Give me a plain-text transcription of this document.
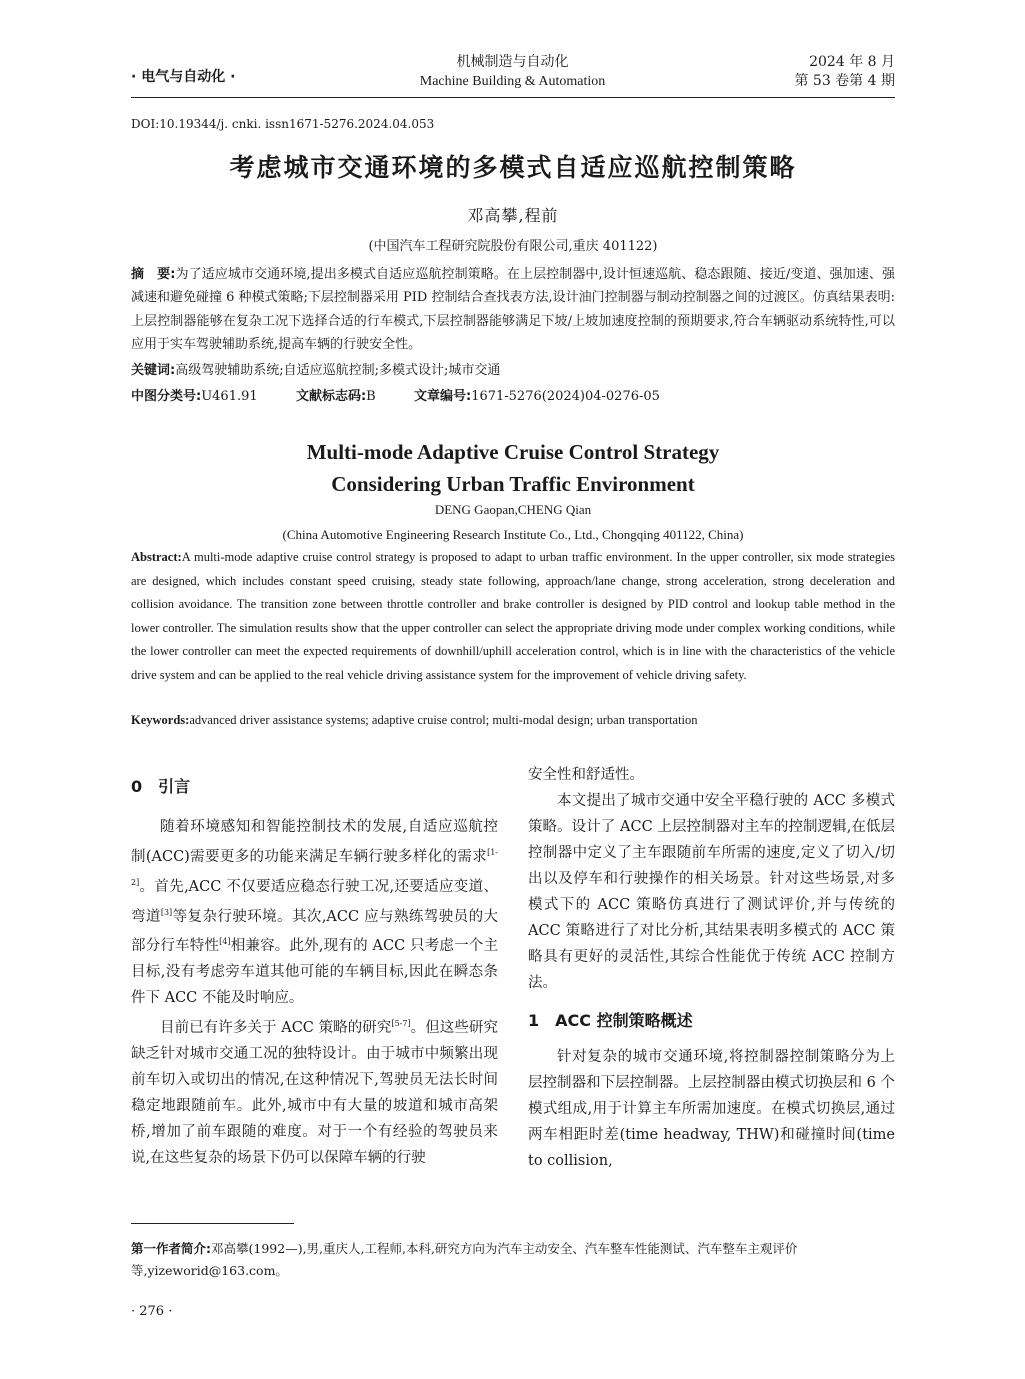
· 电气与自动化 ·
机械制造与自动化
Machine Building & Automation
2024 年 8 月
第 53 卷第 4 期
DOI:10.19344/j. cnki. issn1671-5276.2024.04.053
考虑城市交通环境的多模式自适应巡航控制策略
邓高攀,程前
(中国汽车工程研究院股份有限公司,重庆 401122)
摘　要:为了适应城市交通环境,提出多模式自适应巡航控制策略。在上层控制器中,设计恒速巡航、稳态跟随、接近/变道、强加速、强减速和避免碰撞 6 种模式策略;下层控制器采用 PID 控制结合查找表方法,设计油门控制器与制动控制器之间的过渡区。仿真结果表明:上层控制器能够在复杂工况下选择合适的行车模式,下层控制器能够满足下坡/上坡加速度控制的预期要求,符合车辆驱动系统特性,可以应用于实车驾驶辅助系统,提高车辆的行驶安全性。
关键词:高级驾驶辅助系统;自适应巡航控制;多模式设计;城市交通
中图分类号:U461.91	文献标志码:B	文章编号:1671-5276(2024)04-0276-05
Multi-mode Adaptive Cruise Control Strategy Considering Urban Traffic Environment
DENG Gaopan,CHENG Qian
(China Automotive Engineering Research Institute Co., Ltd., Chongqing 401122, China)
Abstract:A multi-mode adaptive cruise control strategy is proposed to adapt to urban traffic environment. In the upper controller, six mode strategies are designed, which includes constant speed cruising, steady state following, approach/lane change, strong acceleration, strong deceleration and collision avoidance. The transition zone between throttle controller and brake controller is designed by PID control and lookup table method in the lower controller. The simulation results show that the upper controller can select the appropriate driving mode under complex working conditions, while the lower controller can meet the expected requirements of downhill/uphill acceleration control, which is in line with the characteristics of the vehicle drive system and can be applied to the real vehicle driving assistance system for the improvement of vehicle driving safety.
Keywords:advanced driver assistance systems; adaptive cruise control; multi-modal design; urban transportation

0　引言

随着环境感知和智能控制技术的发展,自适应巡航控制(ACC)需要更多的功能来满足车辆行驶多样化的需求[1-2]。首先,ACC 不仅要适应稳态行驶工况,还要适应变道、弯道[3]等复杂行驶环境。其次,ACC 应与熟练驾驶员的大部分行车特性[4]相兼容。此外,现有的 ACC 只考虑一个主目标,没有考虑旁车道其他可能的车辆目标,因此在瞬态条件下 ACC 不能及时响应。

目前已有许多关于 ACC 策略的研究[5-7]。但这些研究缺乏针对城市交通工况的独特设计。由于城市中频繁出现前车切入或切出的情况,在这种情况下,驾驶员无法长时间稳定地跟随前车。此外,城市中有大量的坡道和城市高架桥,增加了前车跟随的难度。对于一个有经验的驾驶员来说,在这些复杂的场景下仍可以保障车辆的行驶

安全性和舒适性。

本文提出了城市交通中安全平稳行驶的 ACC 多模式策略。设计了 ACC 上层控制器对主车的控制逻辑,在低层控制器中定义了主车跟随前车所需的速度,定义了切入/切出以及停车和行驶操作的相关场景。针对这些场景,对多模式下的 ACC 策略仿真进行了测试评价,并与传统的 ACC 策略进行了对比分析,其结果表明多模式的 ACC 策略具有更好的灵活性,其综合性能优于传统 ACC 控制方法。

1　ACC 控制策略概述

针对复杂的城市交通环境,将控制器控制策略分为上层控制器和下层控制器。上层控制器由模式切换层和 6 个模式组成,用于计算主车所需加速度。在模式切换层,通过两车相距时差(time headway, THW)和碰撞时间(time to collision,

第一作者简介:邓高攀(1992—),男,重庆人,工程师,本科,研究方向为汽车主动安全、汽车整车性能测试、汽车整车主观评价等,yizeworid@163.com。
· 276 ·
